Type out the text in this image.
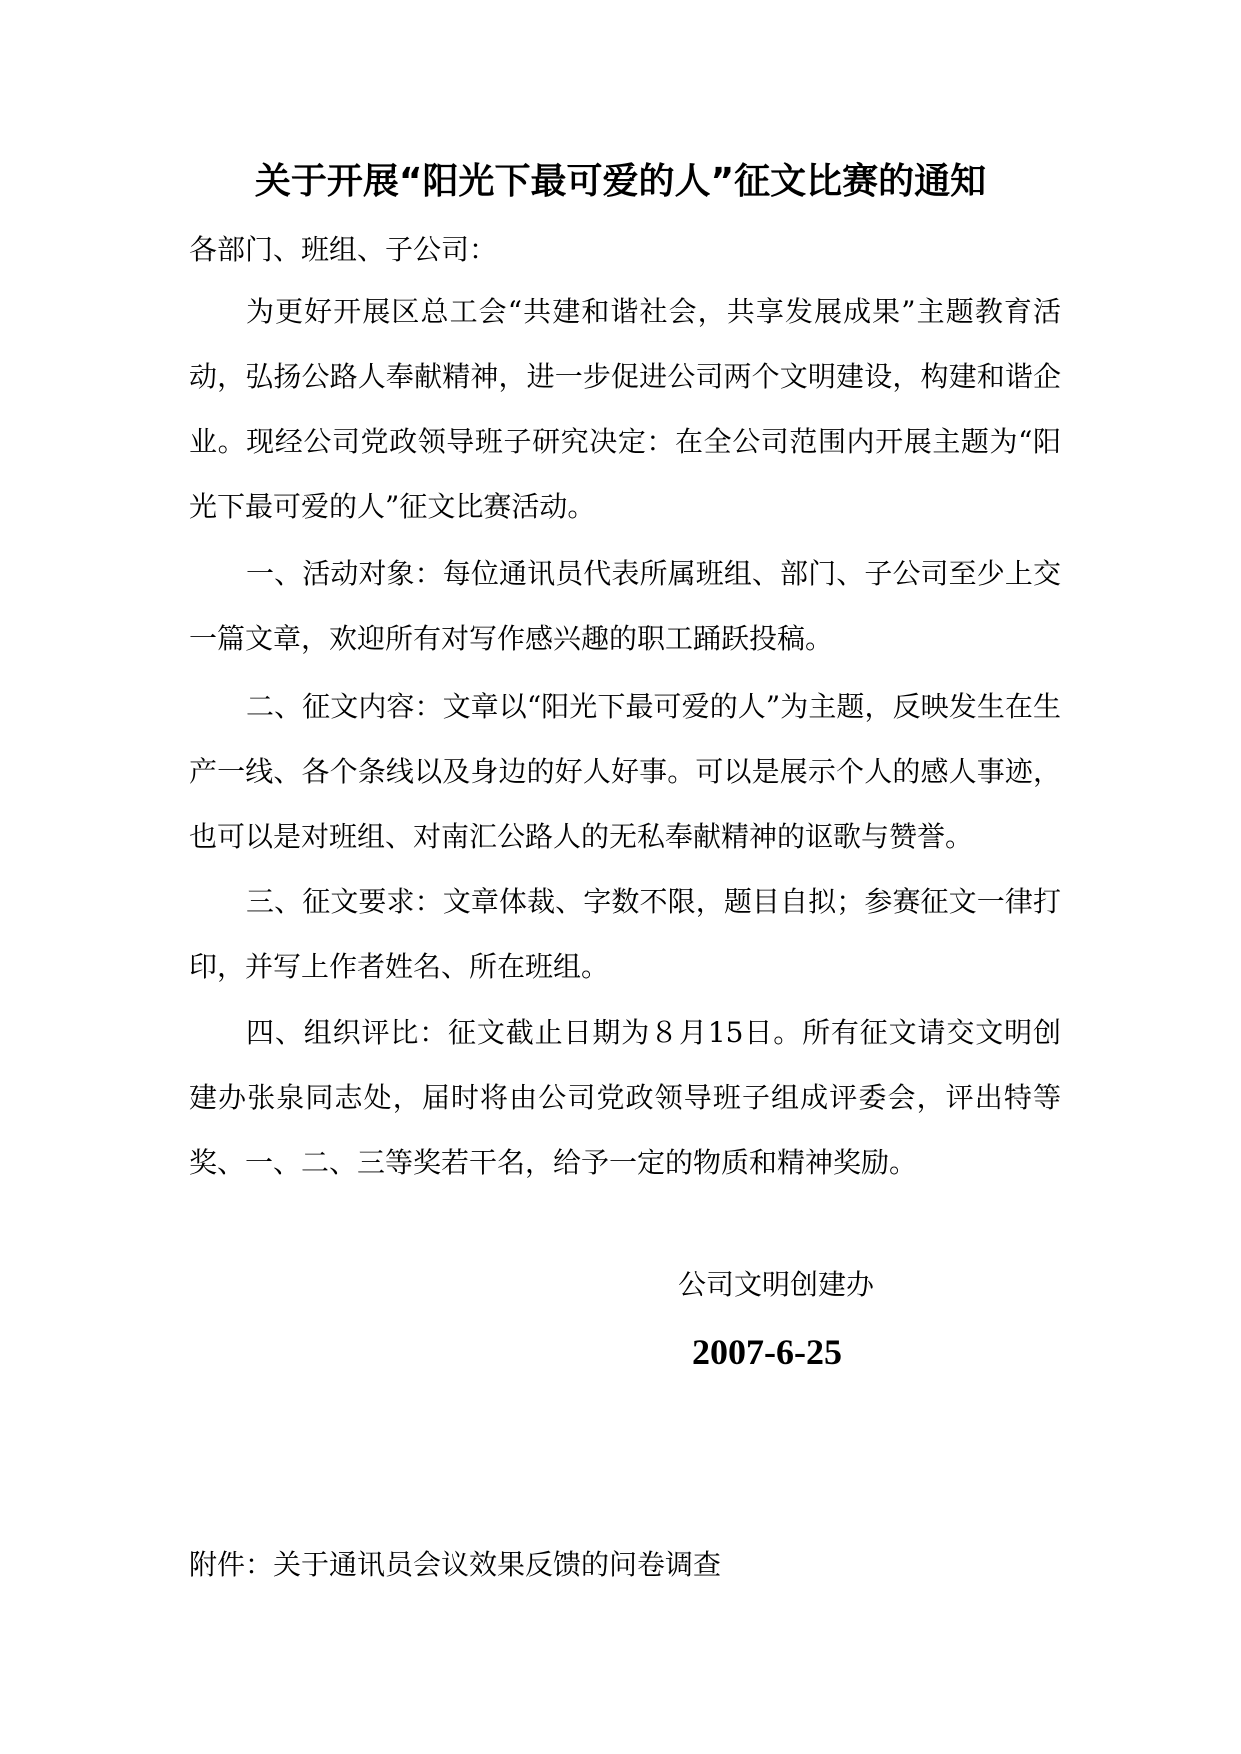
关于开展“阳光下最可爱的人”征文比赛的通知
各部门、班组、子公司：
为更好开展区总工会“共建和谐社会，共享发展成果”主题教育活动，弘扬公路人奉献精神，进一步促进公司两个文明建设，构建和谐企业。现经公司党政领导班子研究决定：在全公司范围内开展主题为“阳光下最可爱的人”征文比赛活动。
一、活动对象：每位通讯员代表所属班组、部门、子公司至少上交一篇文章，欢迎所有对写作感兴趣的职工踊跃投稿。
二、征文内容：文章以“阳光下最可爱的人”为主题，反映发生在生产一线、各个条线以及身边的好人好事。可以是展示个人的感人事迹，也可以是对班组、对南汇公路人的无私奉献精神的讴歌与赞誉。
三、征文要求：文章体裁、字数不限，题目自拟；参赛征文一律打印，并写上作者姓名、所在班组。
四、组织评比：征文截止日期为８月15日。所有征文请交文明创建办张泉同志处，届时将由公司党政领导班子组成评委会，评出特等奖、一、二、三等奖若干名，给予一定的物质和精神奖励。
公司文明创建办
2007-6-25
附件：关于通讯员会议效果反馈的问卷调查
